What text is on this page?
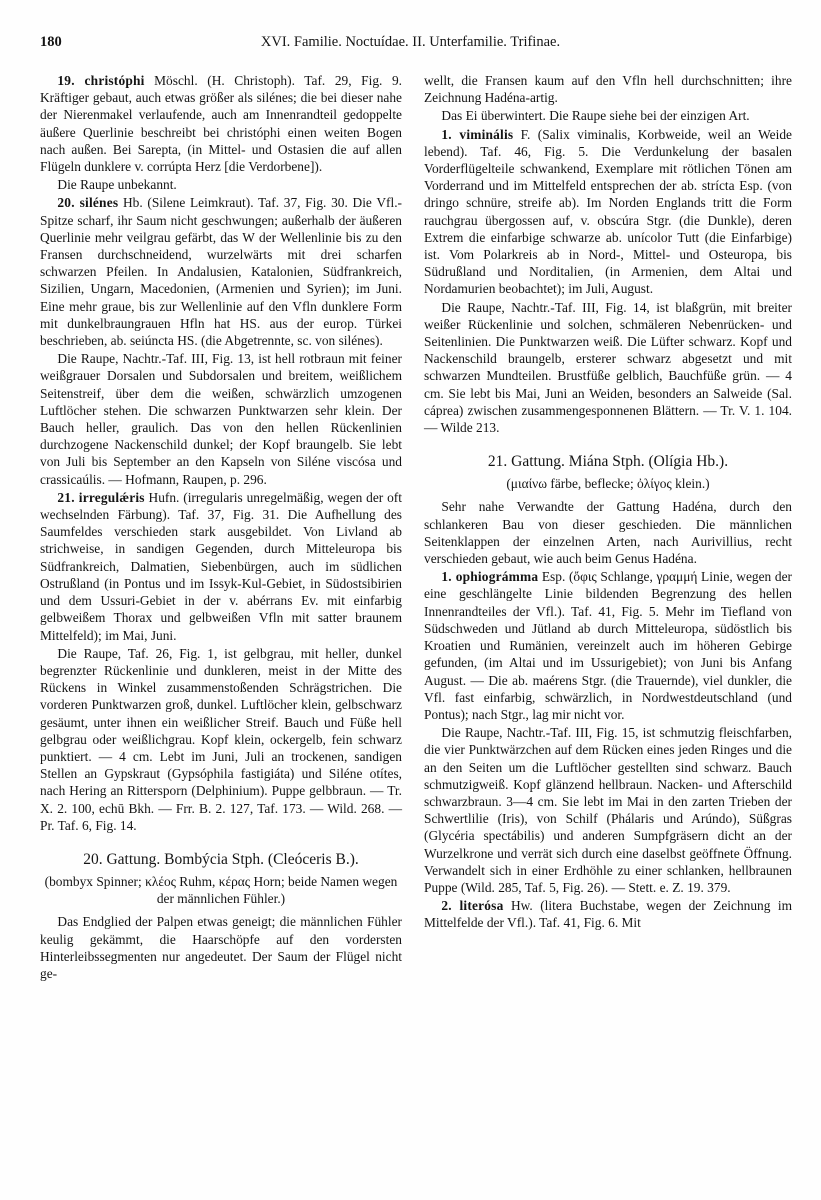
180	XVI. Familie. Noctuídae. II. Unterfamilie. Trifinae.

19. christóphi Möschl. (H. Christoph). Taf. 29, Fig. 9. Kräftiger gebaut, auch etwas größer als silénes; die bei dieser nahe der Nierenmakel verlaufende, auch am Innenrandteil gedoppelte äußere Querlinie beschreibt bei christóphi einen weiten Bogen nach außen. Bei Sarepta, (in Mittel- und Ostasien die auf allen Flügeln dunklere v. corrúpta Herz [die Verdorbene]).

Die Raupe unbekannt.

20. silénes Hb. (Silene Leimkraut). Taf. 37, Fig. 30. Die Vfl.-Spitze scharf, ihr Saum nicht geschwungen; außerhalb der äußeren Querlinie mehr veilgrau gefärbt, das W der Wellenlinie bis zu den Fransen durchschneidend, wurzelwärts mit drei scharfen schwarzen Pfeilen. In Andalusien, Katalonien, Südfrankreich, Sizilien, Ungarn, Macedonien, (Armenien und Syrien); im Juni. Eine mehr graue, bis zur Wellenlinie auf den Vfln dunklere Form mit dunkelbraungrauen Hfln hat HS. aus der europ. Türkei beschrieben, ab. seiúncta HS. (die Abgetrennte, sc. von silénes).

Die Raupe, Nachtr.-Taf. III, Fig. 13, ist hell rotbraun mit feiner weißgrauer Dorsalen und Subdorsalen und breitem, weißlichem Seitenstreif, über dem die weißen, schwärzlich umzogenen Luftlöcher stehen. Die schwarzen Punktwarzen sehr klein. Der Bauch heller, graulich. Das von den hellen Rückenlinien durchzogene Nackenschild dunkel; der Kopf braungelb. Sie lebt von Juli bis September an den Kapseln von Siléne viscósa und crassicaúlis. — Hofmann, Raupen, p. 296.

21. irregulǽris Hufn. (irregularis unregelmäßig, wegen der oft wechselnden Färbung). Taf. 37, Fig. 31. Die Aufhellung des Saumfeldes verschieden stark ausgebildet. Von Livland ab strichweise, in sandigen Gegenden, durch Mitteleuropa bis Südfrankreich, Dalmatien, Siebenbürgen, auch im südlichen Ostrußland (in Pontus und im Issyk-Kul-Gebiet, in Südostsibirien und dem Ussuri-Gebiet in der v. abérrans Ev. mit einfarbig gelbweißem Thorax und gelbweißen Vfln mit satter braunem Mittelfeld); im Mai, Juni.

Die Raupe, Taf. 26, Fig. 1, ist gelbgrau, mit heller, dunkel begrenzter Rückenlinie und dunkleren, meist in der Mitte des Rückens in Winkel zusammenstoßenden Schrägstrichen. Die vorderen Punktwarzen groß, dunkel. Luftlöcher klein, gelbschwarz gesäumt, unter ihnen ein weißlicher Streif. Bauch und Füße hell gelbgrau oder weißlichgrau. Kopf klein, ockergelb, fein schwarz punktiert. — 4 cm. Lebt im Juni, Juli an trockenen, sandigen Stellen an Gypskraut (Gypsóphila fastigiáta) und Siléne otítes, nach Hering an Rittersporn (Delphinium). Puppe gelbbraun. — Tr. X. 2. 100, echū Bkh. — Frr. B. 2. 127, Taf. 173. — Wild. 268. — Pr. Taf. 6, Fig. 14.

20. Gattung. Bombýcia Stph. (Cleóceris B.).
(bombyx Spinner; κλέος Ruhm, κέρας Horn; beide Namen wegen der männlichen Fühler.)

Das Endglied der Palpen etwas geneigt; die männlichen Fühler keulig gekämmt, die Haarschöpfe auf den vordersten Hinterleibssegmenten nur angedeutet. Der Saum der Flügel nicht ge-

wellt, die Fransen kaum auf den Vfln hell durchschnitten; ihre Zeichnung Hadéna-artig.

Das Ei überwintert. Die Raupe siehe bei der einzigen Art.

1. viminális F. (Salix viminalis, Korbweide, weil an Weide lebend). Taf. 46, Fig. 5. Die Verdunkelung der basalen Vorderflügelteile schwankend, Exemplare mit rötlichen Tönen am Vorderrand und im Mittelfeld entsprechen der ab. strícta Esp. (von dringo schnüre, streife ab). Im Norden Englands tritt die Form rauchgrau übergossen auf, v. obscúra Stgr. (die Dunkle), deren Extrem die einfarbige schwarze ab. unícolor Tutt (die Einfarbige) ist. Vom Polarkreis ab in Nord-, Mittel- und Osteuropa, bis Südrußland und Norditalien, (in Armenien, dem Altai und Nordamurien beobachtet); im Juli, August.

Die Raupe, Nachtr.-Taf. III, Fig. 14, ist blaßgrün, mit breiter weißer Rückenlinie und solchen, schmäleren Nebenrücken- und Seitenlinien. Die Punktwarzen weiß. Die Lüfter schwarz. Kopf und Nackenschild braungelb, ersterer schwarz abgesetzt und mit schwarzen Mundteilen. Brustfüße gelblich, Bauchfüße grün. — 4 cm. Sie lebt bis Mai, Juni an Weiden, besonders an Salweide (Sal. cáprea) zwischen zusammengesponnenen Blättern. — Tr. V. 1. 104. — Wilde 213.

21. Gattung. Miána Stph. (Olígia Hb.).
(μιαίνω färbe, beflecke; ὀλίγος klein.)

Sehr nahe Verwandte der Gattung Hadéna, durch den schlankeren Bau von dieser geschieden. Die männlichen Seitenklappen der einzelnen Arten, nach Aurivillius, recht verschieden gebaut, wie auch beim Genus Hadéna.

1. ophiográmma Esp. (ὄφις Schlange, γραμμή Linie, wegen der eine geschlängelte Linie bildenden Begrenzung des hellen Innenrandteiles der Vfl.). Taf. 41, Fig. 5. Mehr im Tiefland von Südschweden und Jütland ab durch Mitteleuropa, südöstlich bis Kroatien und Rumänien, vereinzelt auch im höheren Gebirge gefunden, (im Altai und im Ussurigebiet); von Juni bis Anfang August. — Die ab. maérens Stgr. (die Trauernde), viel dunkler, die Vfl. fast einfarbig, schwärzlich, in Nordwestdeutschland (und Pontus); nach Stgr., lag mir nicht vor.

Die Raupe, Nachtr.-Taf. III, Fig. 15, ist schmutzig fleischfarben, die vier Punktwärzchen auf dem Rücken eines jeden Ringes und die an den Seiten um die Luftlöcher gestellten sind schwarz. Bauch schmutzigweiß. Kopf glänzend hellbraun. Nacken- und Afterschild schwarzbraun. 3—4 cm. Sie lebt im Mai in den zarten Trieben der Schwertlilie (Iris), von Schilf (Phálaris und Arúndo), Süßgras (Glycéria spectábilis) und anderen Sumpfgräsern dicht an der Wurzelkrone und verrät sich durch eine daselbst geöffnete Öffnung. Verwandelt sich in einer Erdhöhle zu einer schlanken, hellbraunen Puppe (Wild. 285, Taf. 5, Fig. 26). — Stett. e. Z. 19. 379.

2. literósa Hw. (litera Buchstabe, wegen der Zeichnung im Mittelfelde der Vfl.). Taf. 41, Fig. 6. Mit
